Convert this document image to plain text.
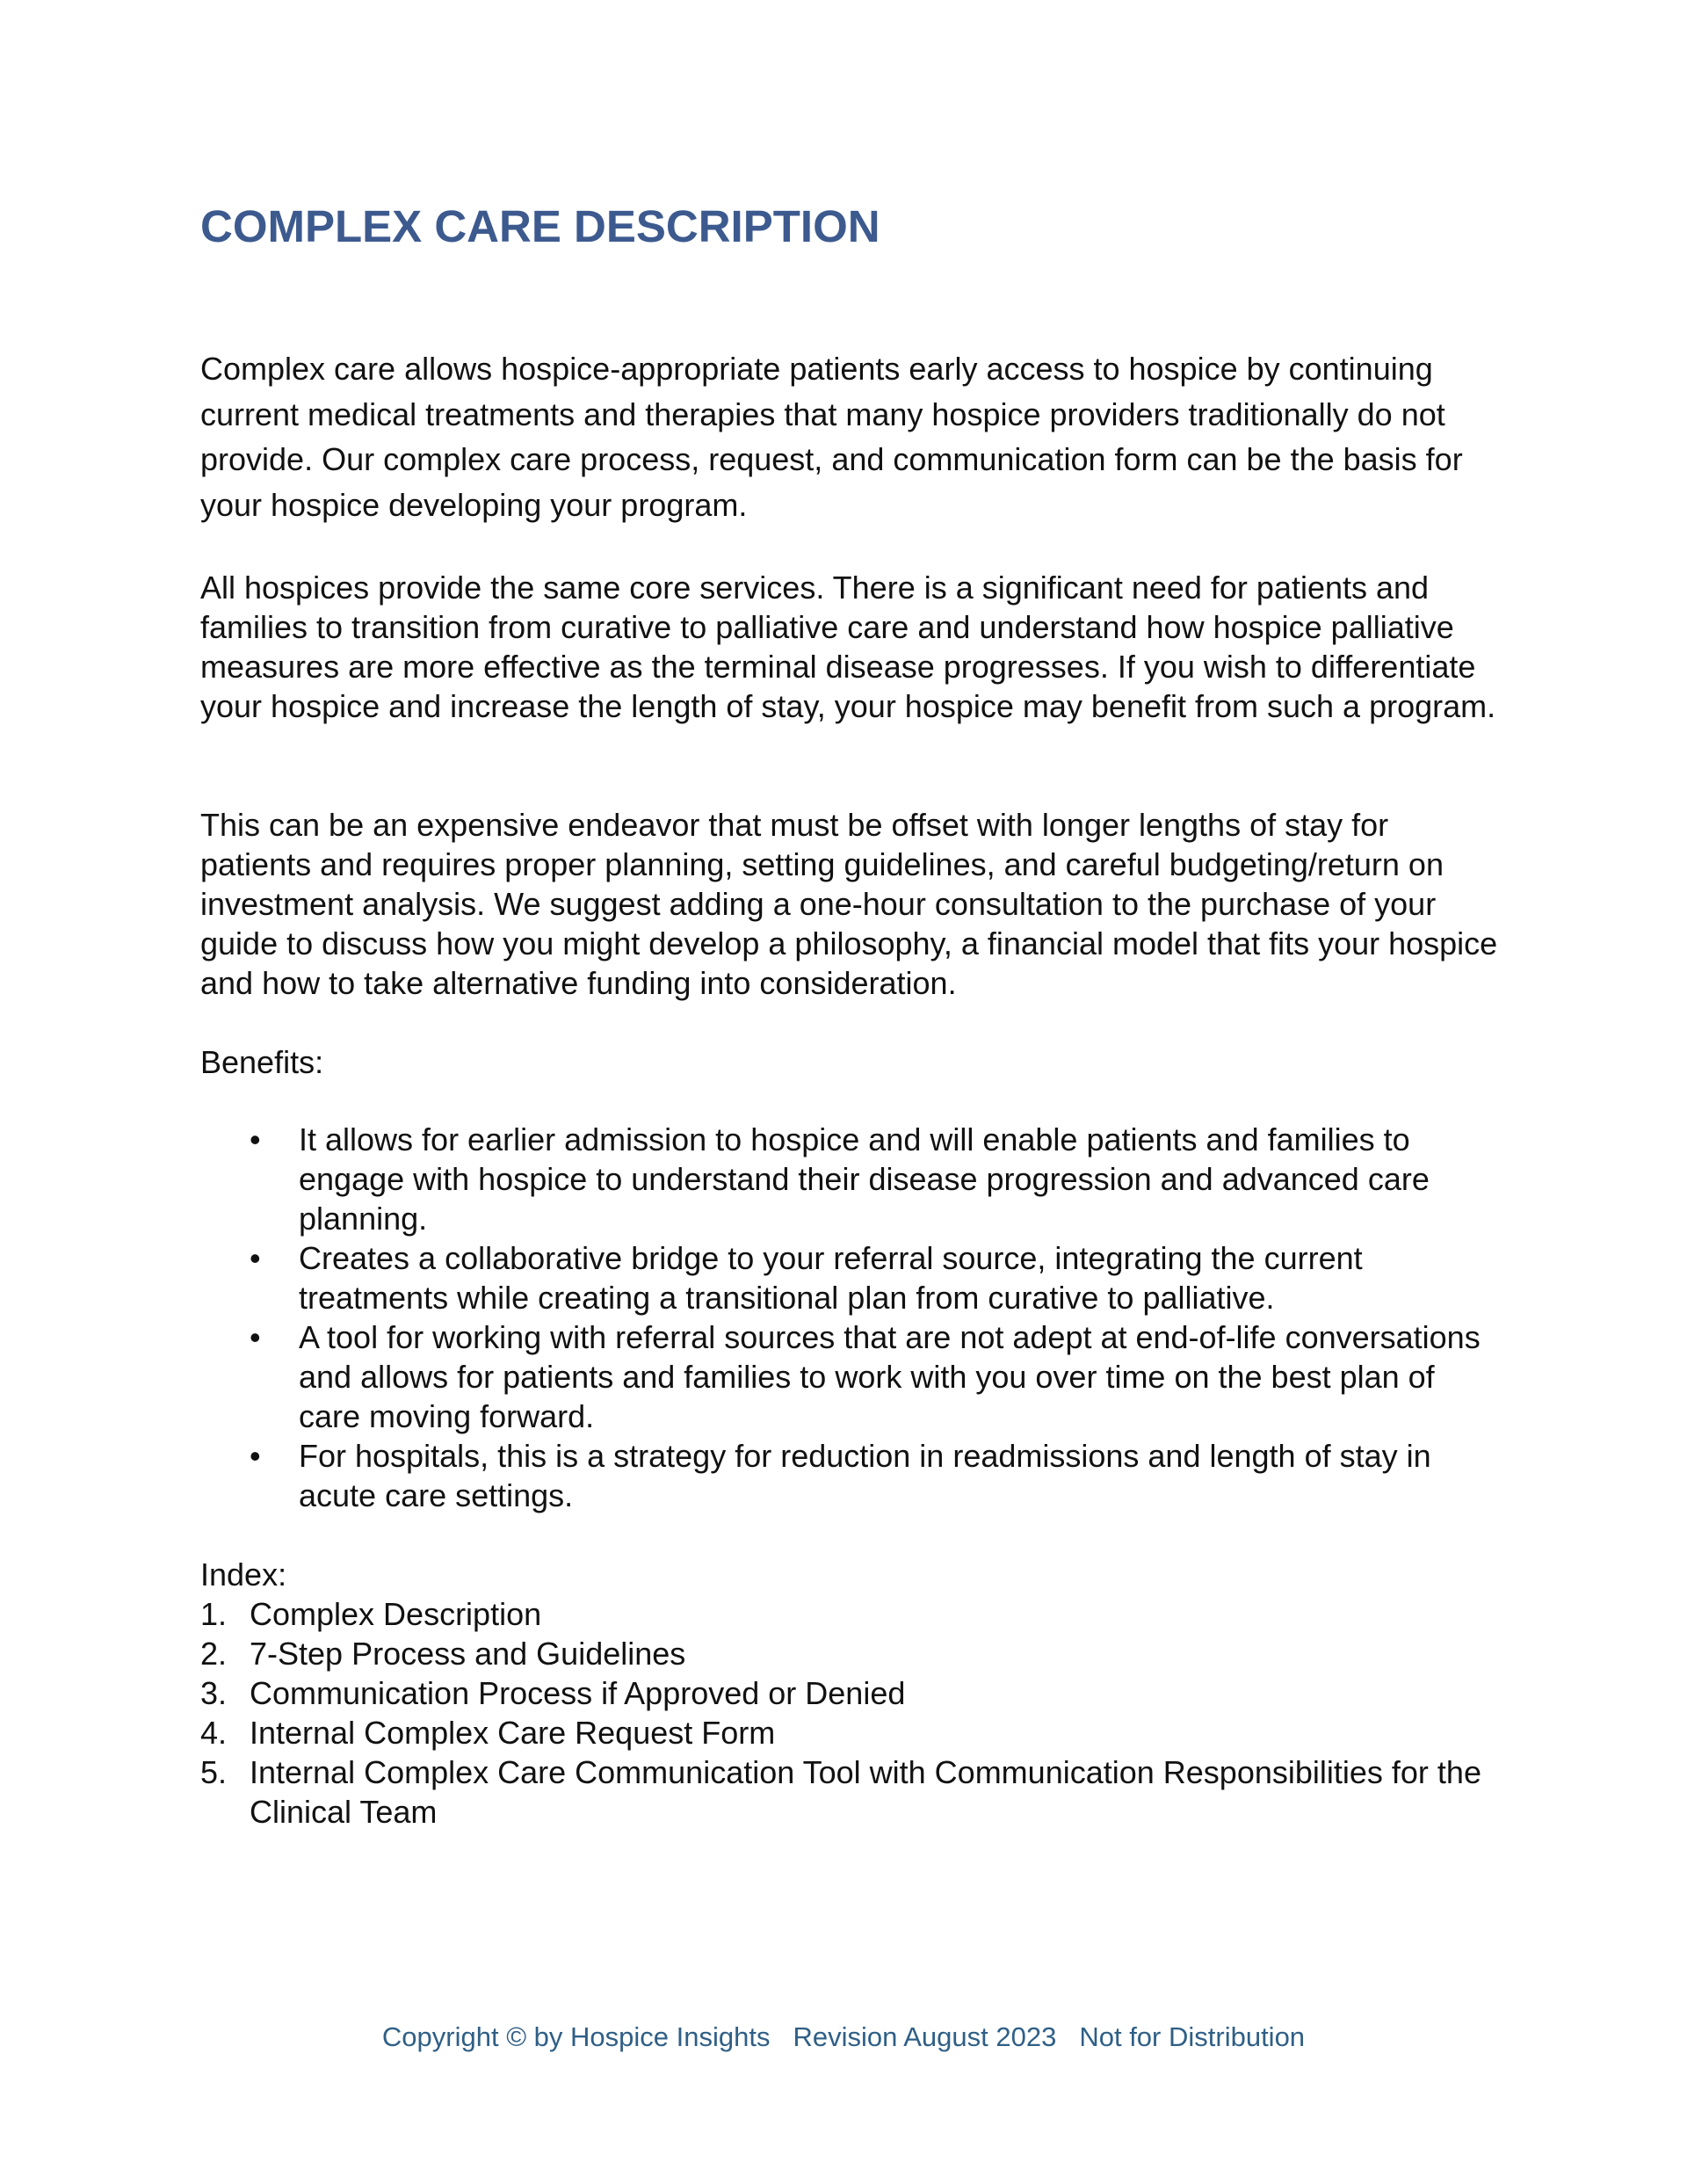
COMPLEX CARE DESCRIPTION

Complex care allows hospice-appropriate patients early access to hospice by continuing current medical treatments and therapies that many hospice providers traditionally do not provide. Our complex care process, request, and communication form can be the basis for your hospice developing your program.

All hospices provide the same core services. There is a significant need for patients and families to transition from curative to palliative care and understand how hospice palliative measures are more effective as the terminal disease progresses. If you wish to differentiate your hospice and increase the length of stay, your hospice may benefit from such a program.

This can be an expensive endeavor that must be offset with longer lengths of stay for patients and requires proper planning, setting guidelines, and careful budgeting/return on investment analysis. We suggest adding a one-hour consultation to the purchase of your guide to discuss how you might develop a philosophy, a financial model that fits your hospice and how to take alternative funding into consideration.

Benefits:

• It allows for earlier admission to hospice and will enable patients and families to engage with hospice to understand their disease progression and advanced care planning.
• Creates a collaborative bridge to your referral source, integrating the current treatments while creating a transitional plan from curative to palliative.
• A tool for working with referral sources that are not adept at end-of-life conversations and allows for patients and families to work with you over time on the best plan of care moving forward.
• For hospitals, this is a strategy for reduction in readmissions and length of stay in acute care settings.

Index:

1. Complex Description
2. 7-Step Process and Guidelines
3. Communication Process if Approved or Denied
4. Internal Complex Care Request Form
5. Internal Complex Care Communication Tool with Communication Responsibilities for the Clinical Team
Copyright © by Hospice Insights Revision August 2023 Not for Distribution
